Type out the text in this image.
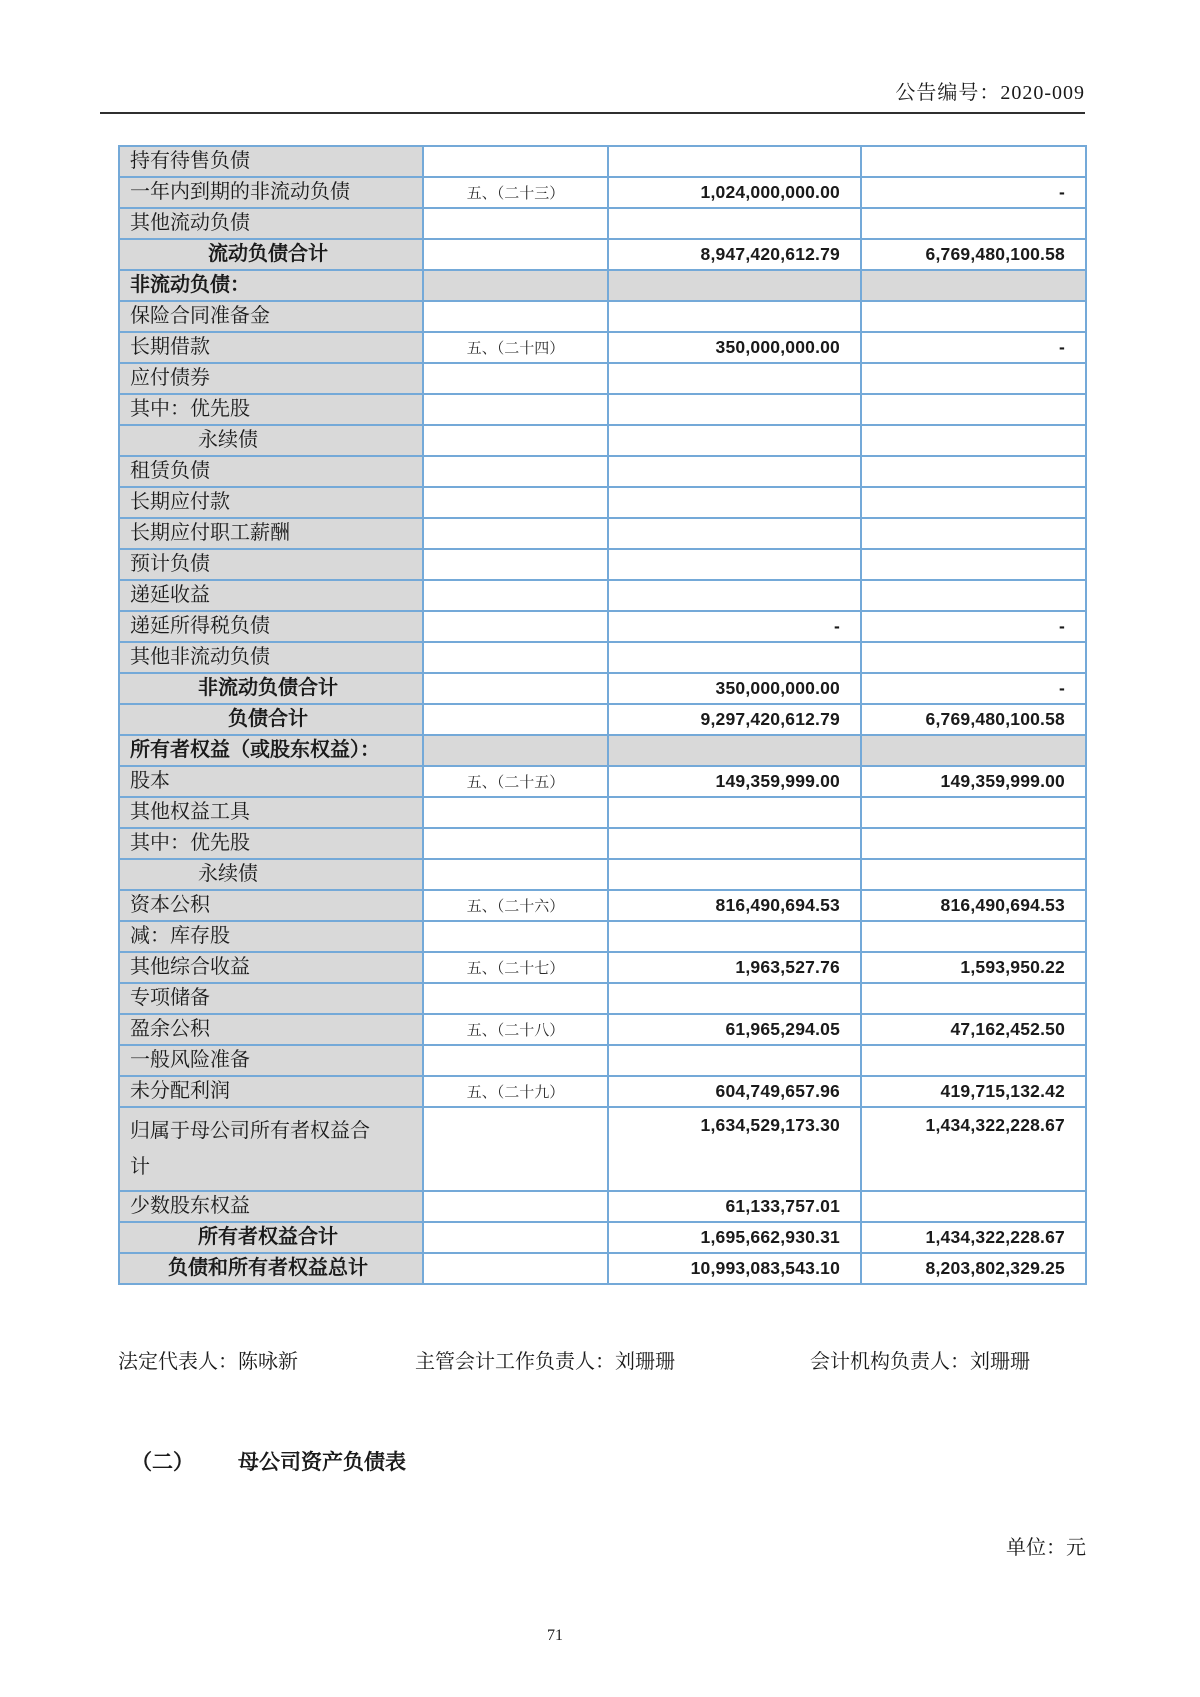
公告编号：2020-009
持有待售负债			
一年内到期的非流动负债	五、（二十三）	1,024,000,000.00	-
其他流动负债			
流动负债合计		8,947,420,612.79	6,769,480,100.58
非流动负债：			
保险合同准备金			
长期借款	五、（二十四）	350,000,000.00	-
应付债券			
其中：优先股			
永续债			
租赁负债			
长期应付款			
长期应付职工薪酬			
预计负债			
递延收益			
递延所得税负债		-	-
其他非流动负债			
非流动负债合计		350,000,000.00	-
负债合计		9,297,420,612.79	6,769,480,100.58
所有者权益（或股东权益）：			
股本	五、（二十五）	149,359,999.00	149,359,999.00
其他权益工具			
其中：优先股			
永续债			
资本公积	五、（二十六）	816,490,694.53	816,490,694.53
减：库存股			
其他综合收益	五、（二十七）	1,963,527.76	1,593,950.22
专项储备			
盈余公积	五、（二十八）	61,965,294.05	47,162,452.50
一般风险准备			
未分配利润	五、（二十九）	604,749,657.96	419,715,132.42
归属于母公司所有者权益合计		1,634,529,173.30	1,434,322,228.67
少数股东权益		61,133,757.01	
所有者权益合计		1,695,662,930.31	1,434,322,228.67
负债和所有者权益总计		10,993,083,543.10	8,203,802,329.25
法定代表人：陈咏新	主管会计工作负责人：刘珊珊	会计机构负责人：刘珊珊
（二） 母公司资产负债表
单位：元
71
